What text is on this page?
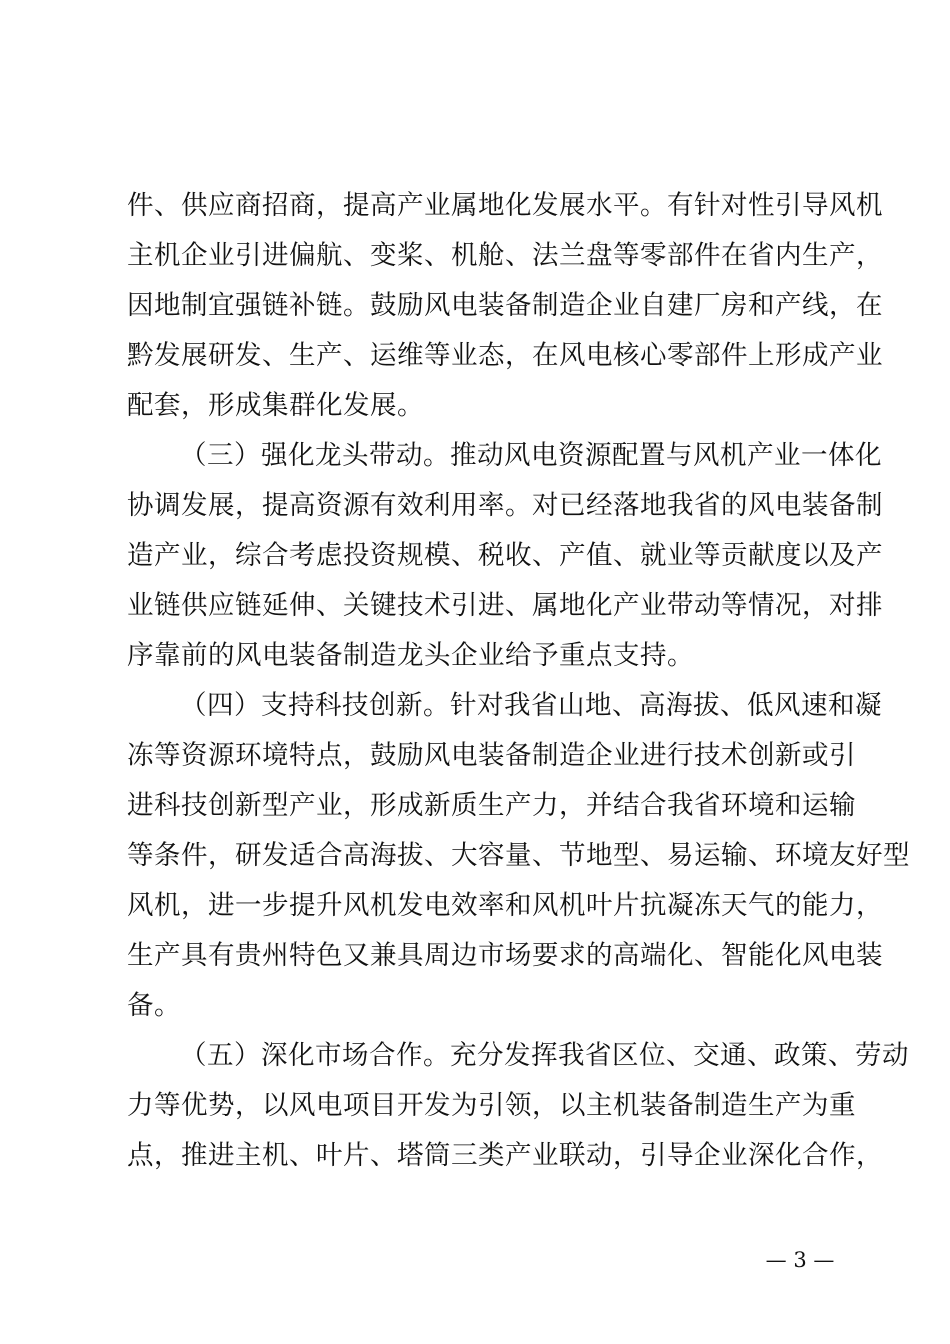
件、供应商招商，提高产业属地化发展水平。有针对性引导风机
主机企业引进偏航、变桨、机舱、法兰盘等零部件在省内生产，
因地制宜强链补链。鼓励风电装备制造企业自建厂房和产线，在
黔发展研发、生产、运维等业态，在风电核心零部件上形成产业
配套，形成集群化发展。
（三）强化龙头带动。推动风电资源配置与风机产业一体化
协调发展，提高资源有效利用率。对已经落地我省的风电装备制
造产业，综合考虑投资规模、税收、产值、就业等贡献度以及产
业链供应链延伸、关键技术引进、属地化产业带动等情况，对排
序靠前的风电装备制造龙头企业给予重点支持。
（四）支持科技创新。针对我省山地、高海拔、低风速和凝
冻等资源环境特点，鼓励风电装备制造企业进行技术创新或引
进科技创新型产业，形成新质生产力，并结合我省环境和运输
等条件，研发适合高海拔、大容量、节地型、易运输、环境友好型
风机，进一步提升风机发电效率和风机叶片抗凝冻天气的能力，
生产具有贵州特色又兼具周边市场要求的高端化、智能化风电装
备。
（五）深化市场合作。充分发挥我省区位、交通、政策、劳动
力等优势，以风电项目开发为引领，以主机装备制造生产为重
点，推进主机、叶片、塔筒三类产业联动，引导企业深化合作，
— 3 —
